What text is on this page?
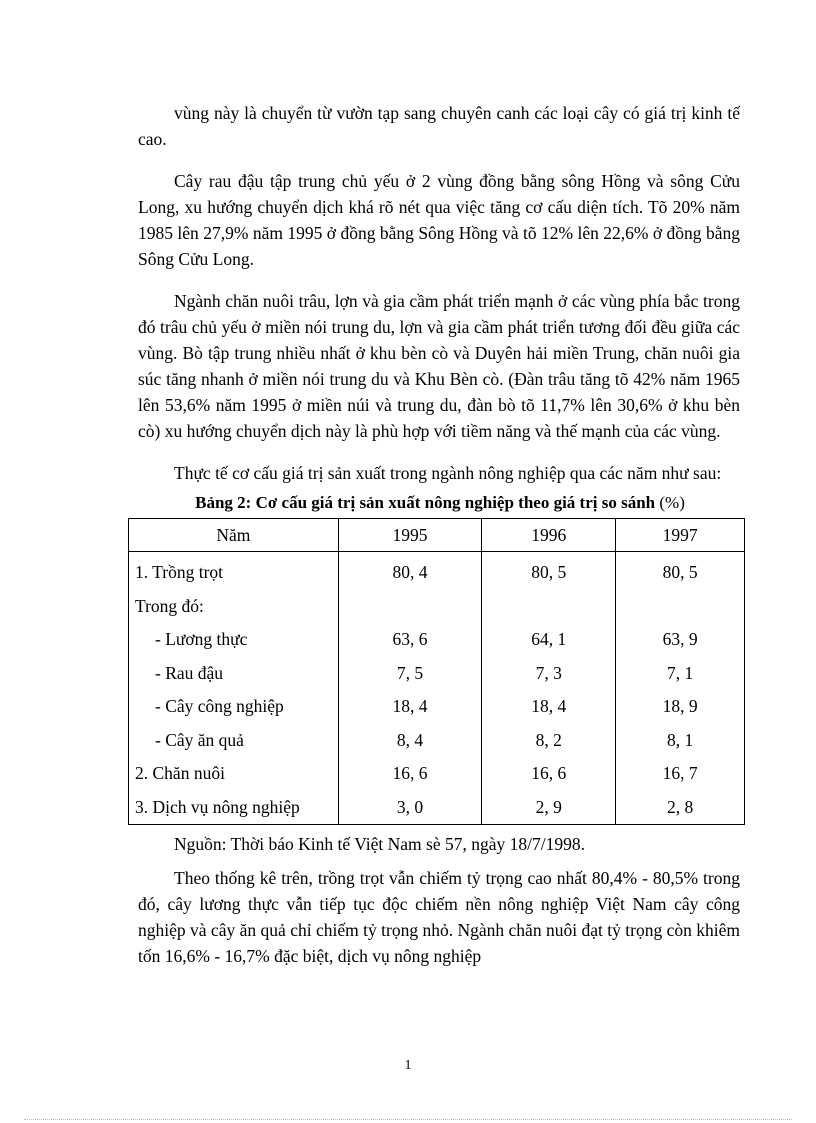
vùng này là chuyển từ vườn tạp sang chuyên canh các loại cây có giá trị kinh tế cao.

Cây rau đậu tập trung chủ yếu ở 2 vùng đồng bằng sông Hồng và sông Cửu Long, xu hướng chuyển dịch khá rõ nét qua việc tăng cơ cấu diện tích. Tõ 20% năm 1985 lên 27,9% năm 1995 ở đồng bằng Sông Hồng và tõ 12% lên 22,6% ở đồng bằng Sông Cửu Long.

Ngành chăn nuôi trâu, lợn và gia cầm phát triển mạnh ở các vùng phía bắc trong đó trâu chủ yếu ở miền nói trung du, lợn và gia cầm phát triển tương đối đều giữa các vùng. Bò tập trung nhiều nhất ở khu bèn cò và Duyên hải miền Trung, chăn nuôi gia súc tăng nhanh ở miền nói trung du và Khu Bèn cò. (Đàn trâu tăng tõ 42% năm 1965 lên 53,6% năm 1995 ở miền núi và trung du, đàn bò tõ 11,7% lên 30,6% ở khu bèn cò) xu hướng chuyển dịch này là phù hợp với tiềm năng và thế mạnh của các vùng.

Thực tế cơ cấu giá trị sản xuất trong ngành nông nghiệp qua các năm như sau:

Bảng 2: Cơ cấu giá trị sản xuất nông nghiệp theo giá trị so sánh (%)
Năm	1995	1996	1997
1. Trồng trọt	80, 4	80, 5	80, 5
Trong đó:			
- Lương thực	63, 6	64, 1	63, 9
- Rau đậu	7, 5	7, 3	7, 1
- Cây công nghiệp	18, 4	18, 4	18, 9
- Cây ăn quả	8, 4	8, 2	8, 1
2. Chăn nuôi	16, 6	16, 6	16, 7
3. Dịch vụ nông nghiệp	3, 0	2, 9	2, 8
Nguồn: Thời báo Kinh tế Việt Nam sè 57, ngày 18/7/1998.

Theo thống kê trên, trồng trọt vẫn chiếm tỷ trọng cao nhất 80,4% - 80,5% trong đó, cây lương thực vẫn tiếp tục độc chiếm nền nông nghiệp Việt Nam cây công nghiệp và cây ăn quả chỉ chiếm tỷ trọng nhỏ. Ngành chăn nuôi đạt tỷ trọng còn khiêm tốn 16,6% - 16,7% đặc biệt, dịch vụ nông nghiệp

1
